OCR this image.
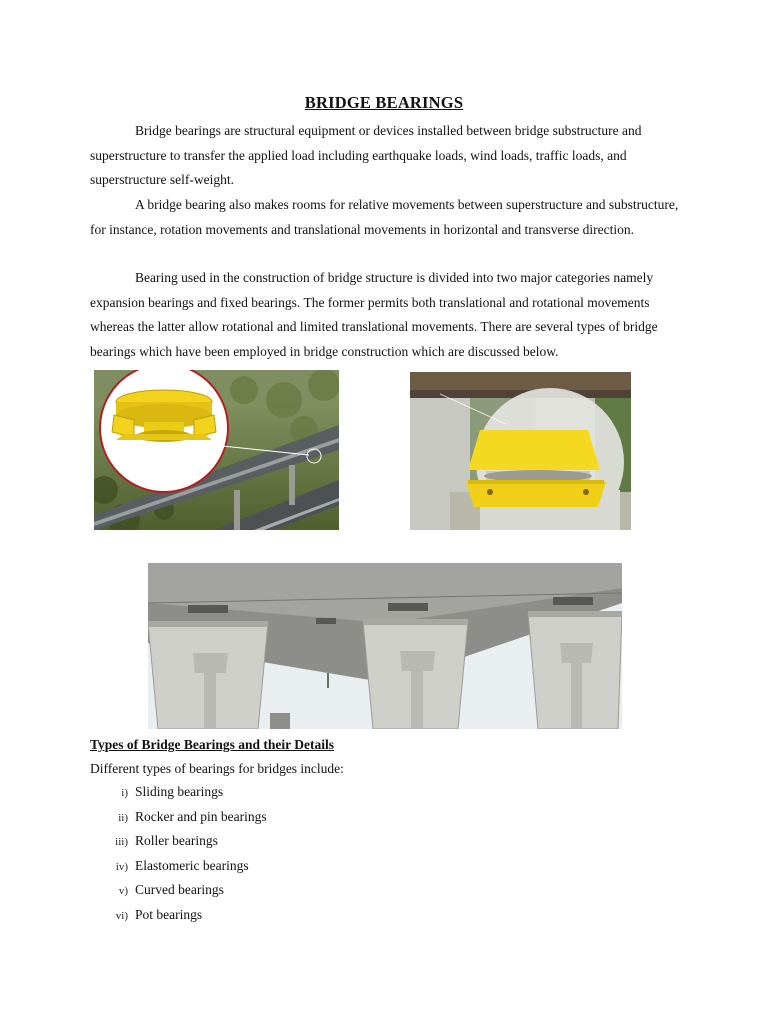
BRIDGE BEARINGS

Bridge bearings are structural equipment or devices installed between bridge substructure and superstructure to transfer the applied load including earthquake loads, wind loads, traffic loads, and superstructure self-weight.

A bridge bearing also makes rooms for relative movements between superstructure and substructure, for instance, rotation movements and translational movements in horizontal and transverse direction.

Bearing used in the construction of bridge structure is divided into two major categories namely expansion bearings and fixed bearings. The former permits both translational and rotational movements whereas the latter allow rotational and limited translational movements. There are several types of bridge bearings which have been employed in bridge construction which are discussed below.

Types of Bridge Bearings and their Details
Different types of bearings for bridges include:
i) Sliding bearings
ii) Rocker and pin bearings
iii) Roller bearings
iv) Elastomeric bearings
v) Curved bearings
vi) Pot bearings
